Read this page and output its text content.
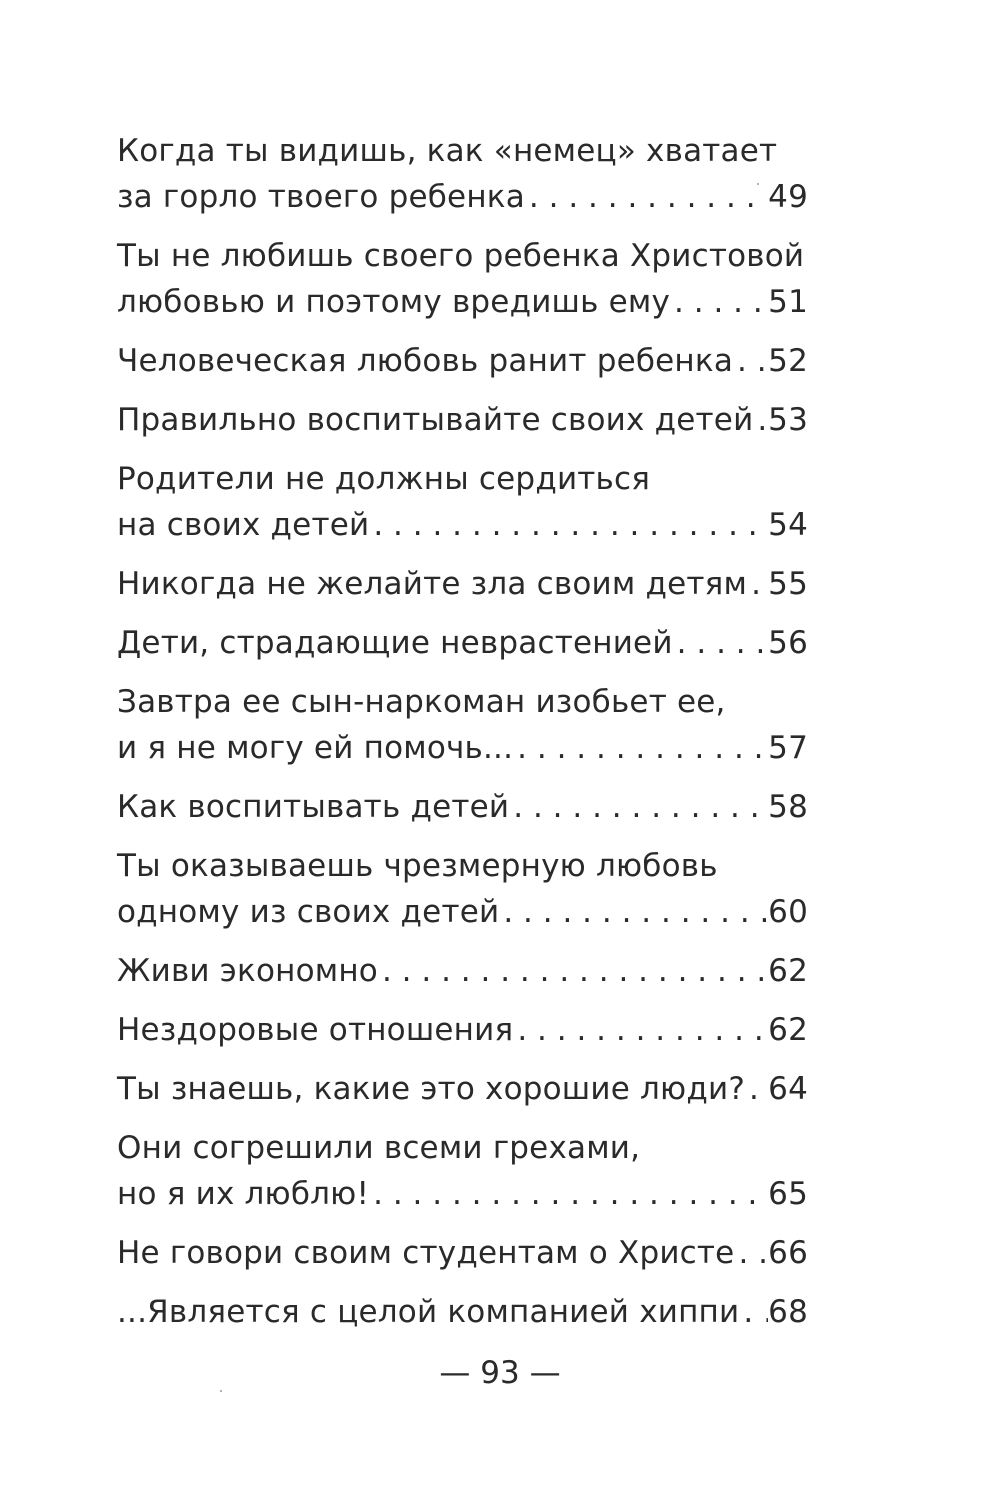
Когда ты видишь, как «немец» хватает
за горло твоего ребенка . . .	49
Ты не любишь своего ребенка Христовой
любовью и поэтому вредишь ему . . .	51
Человеческая любовь ранит ребенка . . . 52
Правильно воспитывайте своих детей . . . 53
Родители не должны сердиться
на своих детей . . .	54
Никогда не желайте зла своим детям . . . 55
Дети, страдающие неврастенией . . .	56
Завтра ее сын-наркоман изобьет ее,
и я не могу ей помочь... . . .	57
Как воспитывать детей . . .	58
Ты оказываешь чрезмерную любовь
одному из своих детей . . .	60
Живи экономно . . .	62
Нездоровые отношения . . .	62
Ты знаешь, какие это хорошие люди? . . . 64
Они согрешили всеми грехами,
но я их люблю! . . .	65
Не говори своим студентам о Христе . . . 66
...Является с целой компанией хиппи . . . 68
— 93 —
